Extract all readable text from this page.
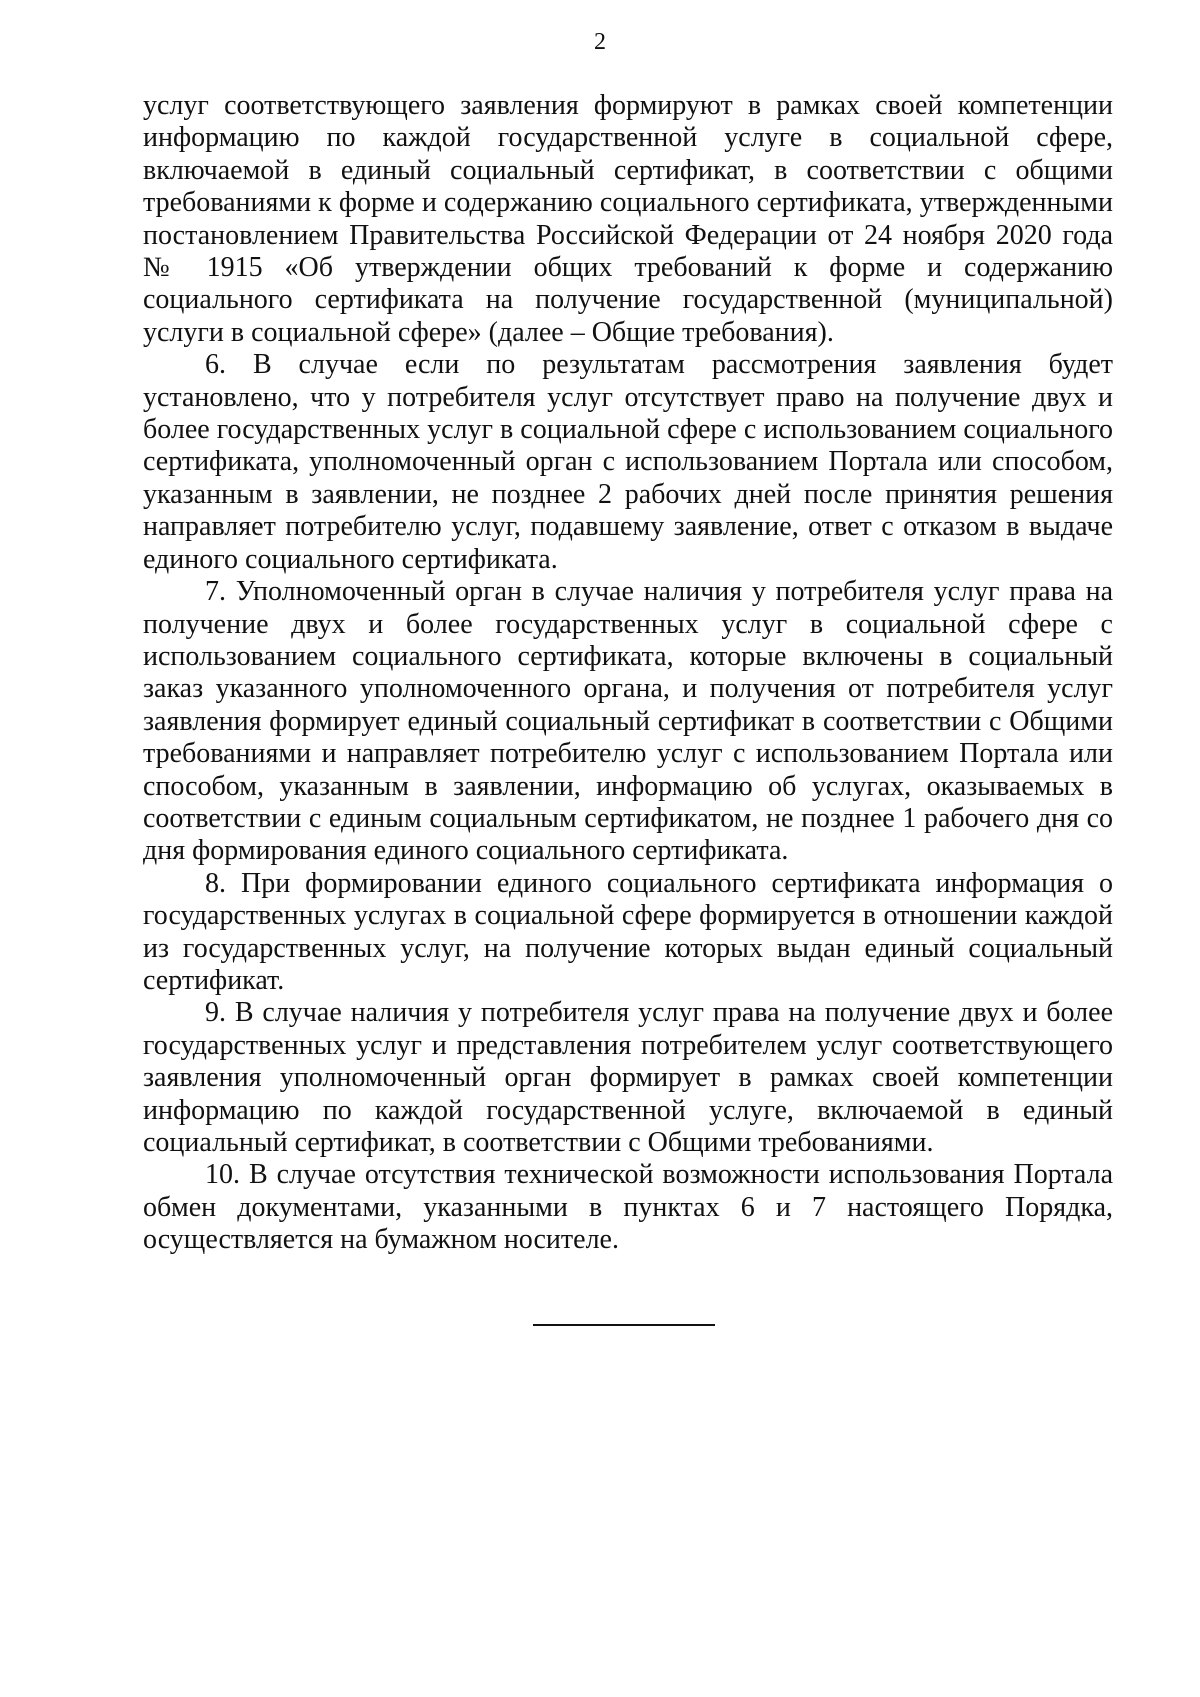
2

услуг соответствующего заявления формируют в рамках своей компетенции информацию по каждой государственной услуге в социальной сфере, включаемой в единый социальный сертификат, в соответствии с общими требованиями к форме и содержанию социального сертификата, утвержденными постановлением Правительства Российской Федерации от 24 ноября 2020 года № 1915 «Об утверждении общих требований к форме и содержанию социального сертификата на получение государственной (муниципальной) услуги в социальной сфере» (далее – Общие требования).

6. В случае если по результатам рассмотрения заявления будет установлено, что у потребителя услуг отсутствует право на получение двух и более государственных услуг в социальной сфере с использованием социального сертификата, уполномоченный орган с использованием Портала или способом, указанным в заявлении, не позднее 2 рабочих дней после принятия решения направляет потребителю услуг, подавшему заявление, ответ с отказом в выдаче единого социального сертификата.

7. Уполномоченный орган в случае наличия у потребителя услуг права на получение двух и более государственных услуг в социальной сфере с использованием социального сертификата, которые включены в социальный заказ указанного уполномоченного органа, и получения от потребителя услуг заявления формирует единый социальный сертификат в соответствии с Общими требованиями и направляет потребителю услуг с использованием Портала или способом, указанным в заявлении, информацию об услугах, оказываемых в соответствии с единым социальным сертификатом, не позднее 1 рабочего дня со дня формирования единого социального сертификата.

8. При формировании единого социального сертификата информация о государственных услугах в социальной сфере формируется в отношении каждой из государственных услуг, на получение которых выдан единый социальный сертификат.

9. В случае наличия у потребителя услуг права на получение двух и более государственных услуг и представления потребителем услуг соответствующего заявления уполномоченный орган формирует в рамках своей компетенции информацию по каждой государственной услуге, включаемой в единый социальный сертификат, в соответствии с Общими требованиями.

10. В случае отсутствия технической возможности использования Портала обмен документами, указанными в пунктах 6 и 7 настоящего Порядка, осуществляется на бумажном носителе.
